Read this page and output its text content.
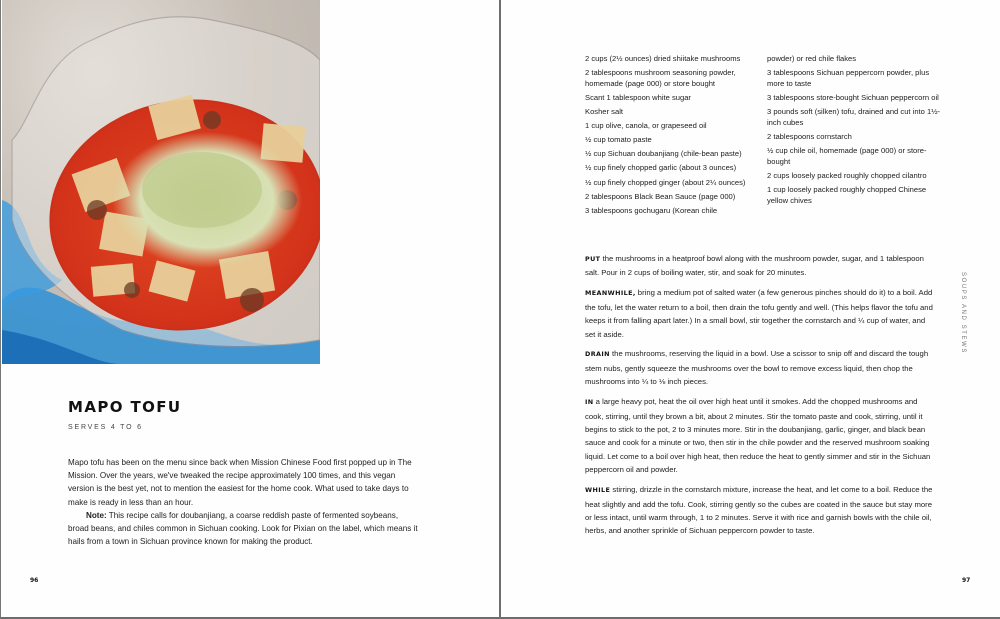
MAPO TOFU
SERVES 4 TO 6

Mapo tofu has been on the menu since back when Mission Chinese Food first popped up in The Mission. Over the years, we've tweaked the recipe approximately 100 times, and this vegan version is the best yet, not to mention the easiest for the home cook. What used to take days to make is ready in less than an hour.

Note: This recipe calls for doubanjiang, a coarse reddish paste of fermented soybeans, broad beans, and chiles common in Sichuan cooking. Look for Pixian on the label, which means it hails from a town in Sichuan province known for making the product.

96
2 cups (2½ ounces) dried shiitake mushrooms
2 tablespoons mushroom seasoning powder, homemade (page 000) or store bought
Scant 1 tablespoon white sugar
Kosher salt
1 cup olive, canola, or grapeseed oil
½ cup tomato paste
½ cup Sichuan doubanjiang (chile-bean paste)
½ cup finely chopped garlic (about 3 ounces)
½ cup finely chopped ginger (about 2¼ ounces)
2 tablespoons Black Bean Sauce (page 000)
3 tablespoons gochugaru (Korean chile
powder) or red chile flakes
3 tablespoons Sichuan peppercorn powder, plus more to taste
3 tablespoons store-bought Sichuan peppercorn oil
3 pounds soft (silken) tofu, drained and cut into 1½-inch cubes
2 tablespoons cornstarch
½ cup chile oil, homemade (page 000) or store-bought
2 cups loosely packed roughly chopped cilantro
1 cup loosely packed roughly chopped Chinese yellow chives

PUT the mushrooms in a heatproof bowl along with the mushroom powder, sugar, and 1 tablespoon salt. Pour in 2 cups of boiling water, stir, and soak for 20 minutes.

MEANWHILE, bring a medium pot of salted water (a few generous pinches should do it) to a boil. Add the tofu, let the water return to a boil, then drain the tofu gently and well. (This helps flavor the tofu and keeps it from falling apart later.) In a small bowl, stir together the cornstarch and ¼ cup of water, and set it aside.

DRAIN the mushrooms, reserving the liquid in a bowl. Use a scissor to snip off and discard the tough stem nubs, gently squeeze the mushrooms over the bowl to remove excess liquid, then chop the mushrooms into ¼ to ⅛ inch pieces.

IN a large heavy pot, heat the oil over high heat until it smokes. Add the chopped mushrooms and cook, stirring, until they brown a bit, about 2 minutes. Stir the tomato paste and cook, stirring, until it begins to stick to the pot, 2 to 3 minutes more. Stir in the doubanjiang, garlic, ginger, and black bean sauce and cook for a minute or two, then stir in the chile powder and the reserved mushroom soaking liquid. Let come to a boil over high heat, then reduce the heat to gently simmer and stir in the Sichuan peppercorn oil and powder.

WHILE stirring, drizzle in the cornstarch mixture, increase the heat, and let come to a boil. Reduce the heat slightly and add the tofu. Cook, stirring gently so the cubes are coated in the sauce but stay more or less intact, until warm through, 1 to 2 minutes. Serve it with rice and garnish bowls with the chile oil, herbs, and another sprinkle of Sichuan peppercorn powder to taste.

SOUPS AND STEWS
97
